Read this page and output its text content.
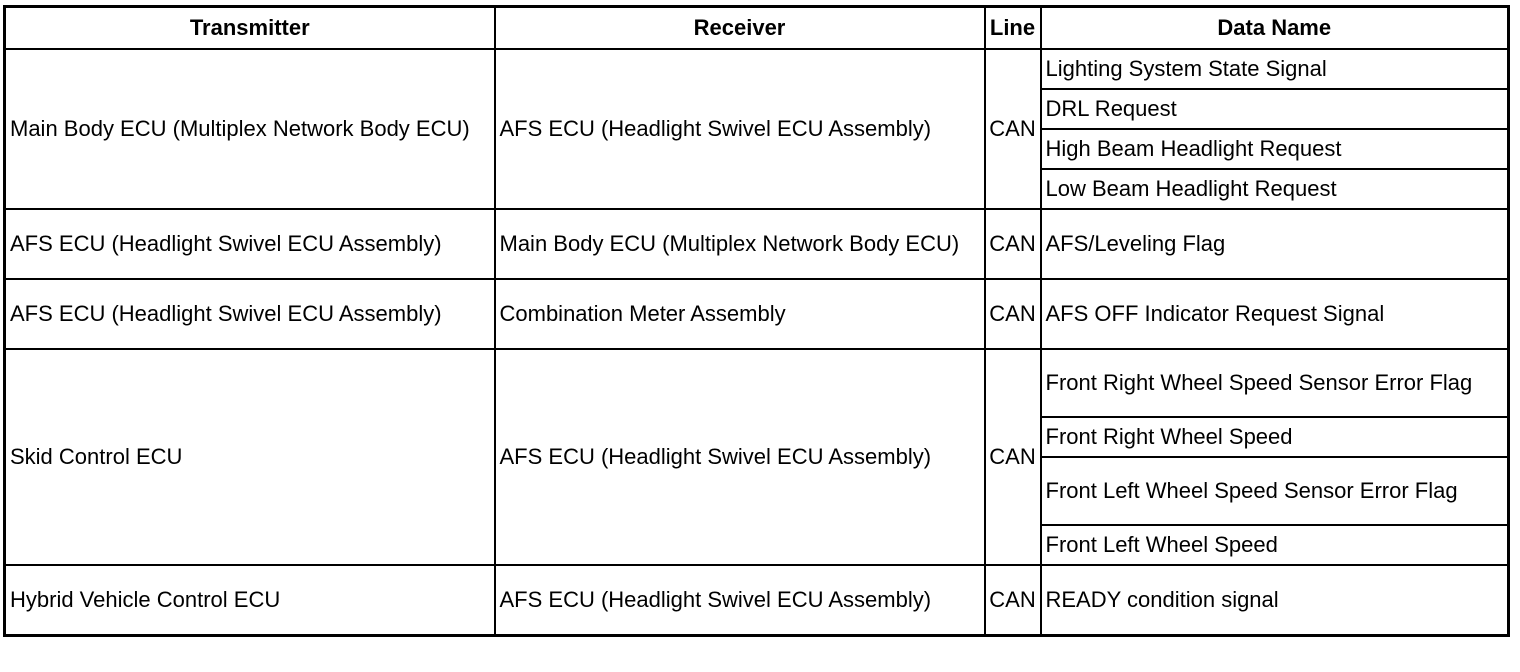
Transmitter	Receiver	Line	Data Name
Main Body ECU (Multiplex Network Body ECU)	AFS ECU (Headlight Swivel ECU Assembly)	CAN	Lighting System State Signal
			DRL Request
			High Beam Headlight Request
			Low Beam Headlight Request
AFS ECU (Headlight Swivel ECU Assembly)	Main Body ECU (Multiplex Network Body ECU)	CAN	AFS/Leveling Flag
AFS ECU (Headlight Swivel ECU Assembly)	Combination Meter Assembly	CAN	AFS OFF Indicator Request Signal
Skid Control ECU	AFS ECU (Headlight Swivel ECU Assembly)	CAN	Front Right Wheel Speed Sensor Error Flag
			Front Right Wheel Speed
			Front Left Wheel Speed Sensor Error Flag
			Front Left Wheel Speed
Hybrid Vehicle Control ECU	AFS ECU (Headlight Swivel ECU Assembly)	CAN	READY condition signal
